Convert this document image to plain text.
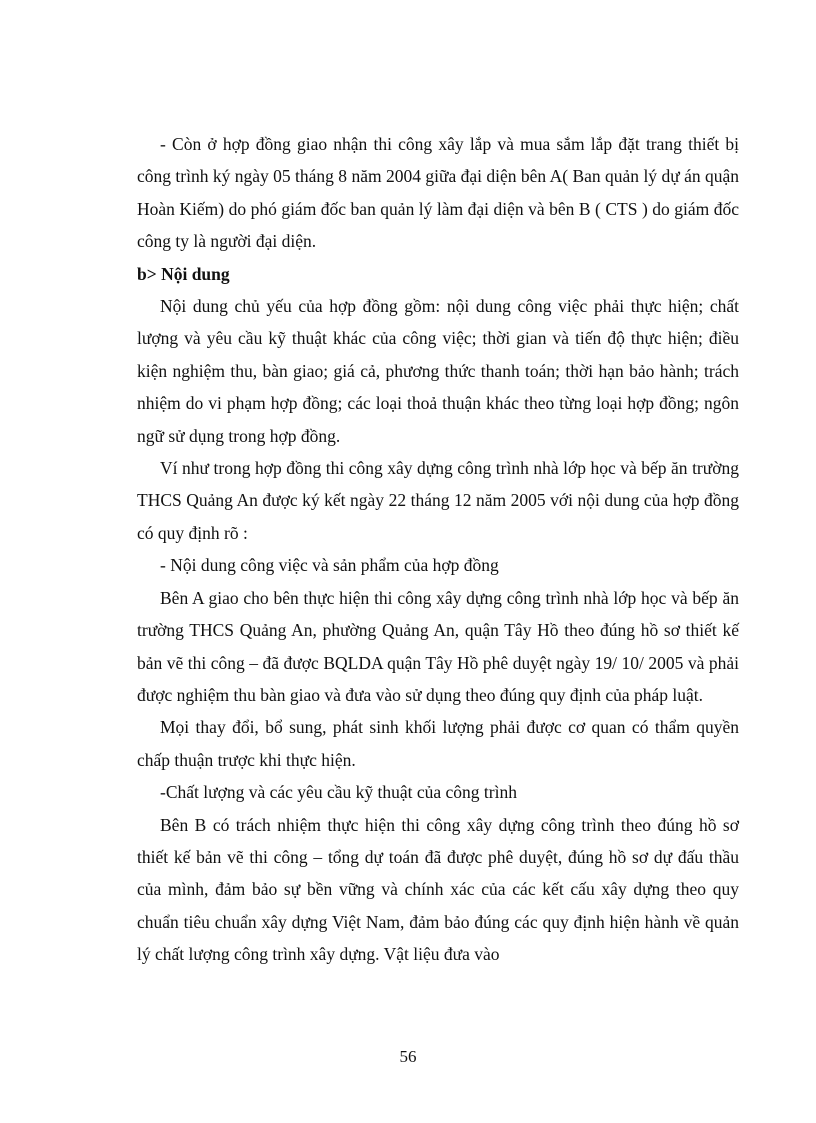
- Còn ở hợp đồng giao nhận thi công xây lắp và mua sắm lắp đặt trang thiết bị công trình ký ngày 05 tháng 8 năm 2004 giữa đại diện bên A( Ban quản lý dự án quận Hoàn Kiếm) do phó giám đốc ban quản lý làm đại diện và bên B ( CTS ) do giám đốc công ty là người đại diện.

b> Nội dung

Nội dung chủ yếu của hợp đồng gồm: nội dung công việc phải thực hiện; chất lượng và yêu cầu kỹ thuật khác của công việc; thời gian và tiến độ thực hiện; điều kiện nghiệm thu, bàn giao; giá cả, phương thức thanh toán; thời hạn bảo hành; trách nhiệm do vi phạm hợp đồng; các loại thoả thuận khác theo từng loại hợp đồng; ngôn ngữ sử dụng trong hợp đồng.

Ví như trong hợp đồng thi công xây dựng công trình nhà lớp học và bếp ăn trường THCS Quảng An được ký kết ngày 22 tháng 12 năm 2005 với nội dung của hợp đồng có quy định rõ :

- Nội dung công việc và sản phẩm của hợp đồng

Bên A giao cho bên thực hiện thi công xây dựng công trình nhà lớp học và bếp ăn trường THCS Quảng An, phường Quảng An, quận Tây Hồ theo đúng hồ sơ thiết kế bản vẽ thi công – đã được BQLDA quận Tây Hồ phê duyệt ngày 19/ 10/ 2005 và phải được nghiệm thu bàn giao và đưa vào sử dụng theo đúng quy định của pháp luật.

Mọi thay đổi, bổ sung, phát sinh khối lượng phải được cơ quan có thẩm quyền chấp thuận trược khi thực hiện.

-Chất lượng và các yêu cầu kỹ thuật của công trình

Bên B có trách nhiệm thực hiện thi công xây dựng công trình theo đúng hồ sơ thiết kế bản vẽ thi công – tổng dự toán đã được phê duyệt, đúng hồ sơ dự đấu thầu của mình, đảm bảo sự bền vững và chính xác của các kết cấu xây dựng theo quy chuẩn tiêu chuẩn xây dựng Việt Nam, đảm bảo đúng các quy định hiện hành về quản lý chất lượng công trình xây dựng. Vật liệu đưa vào

56
